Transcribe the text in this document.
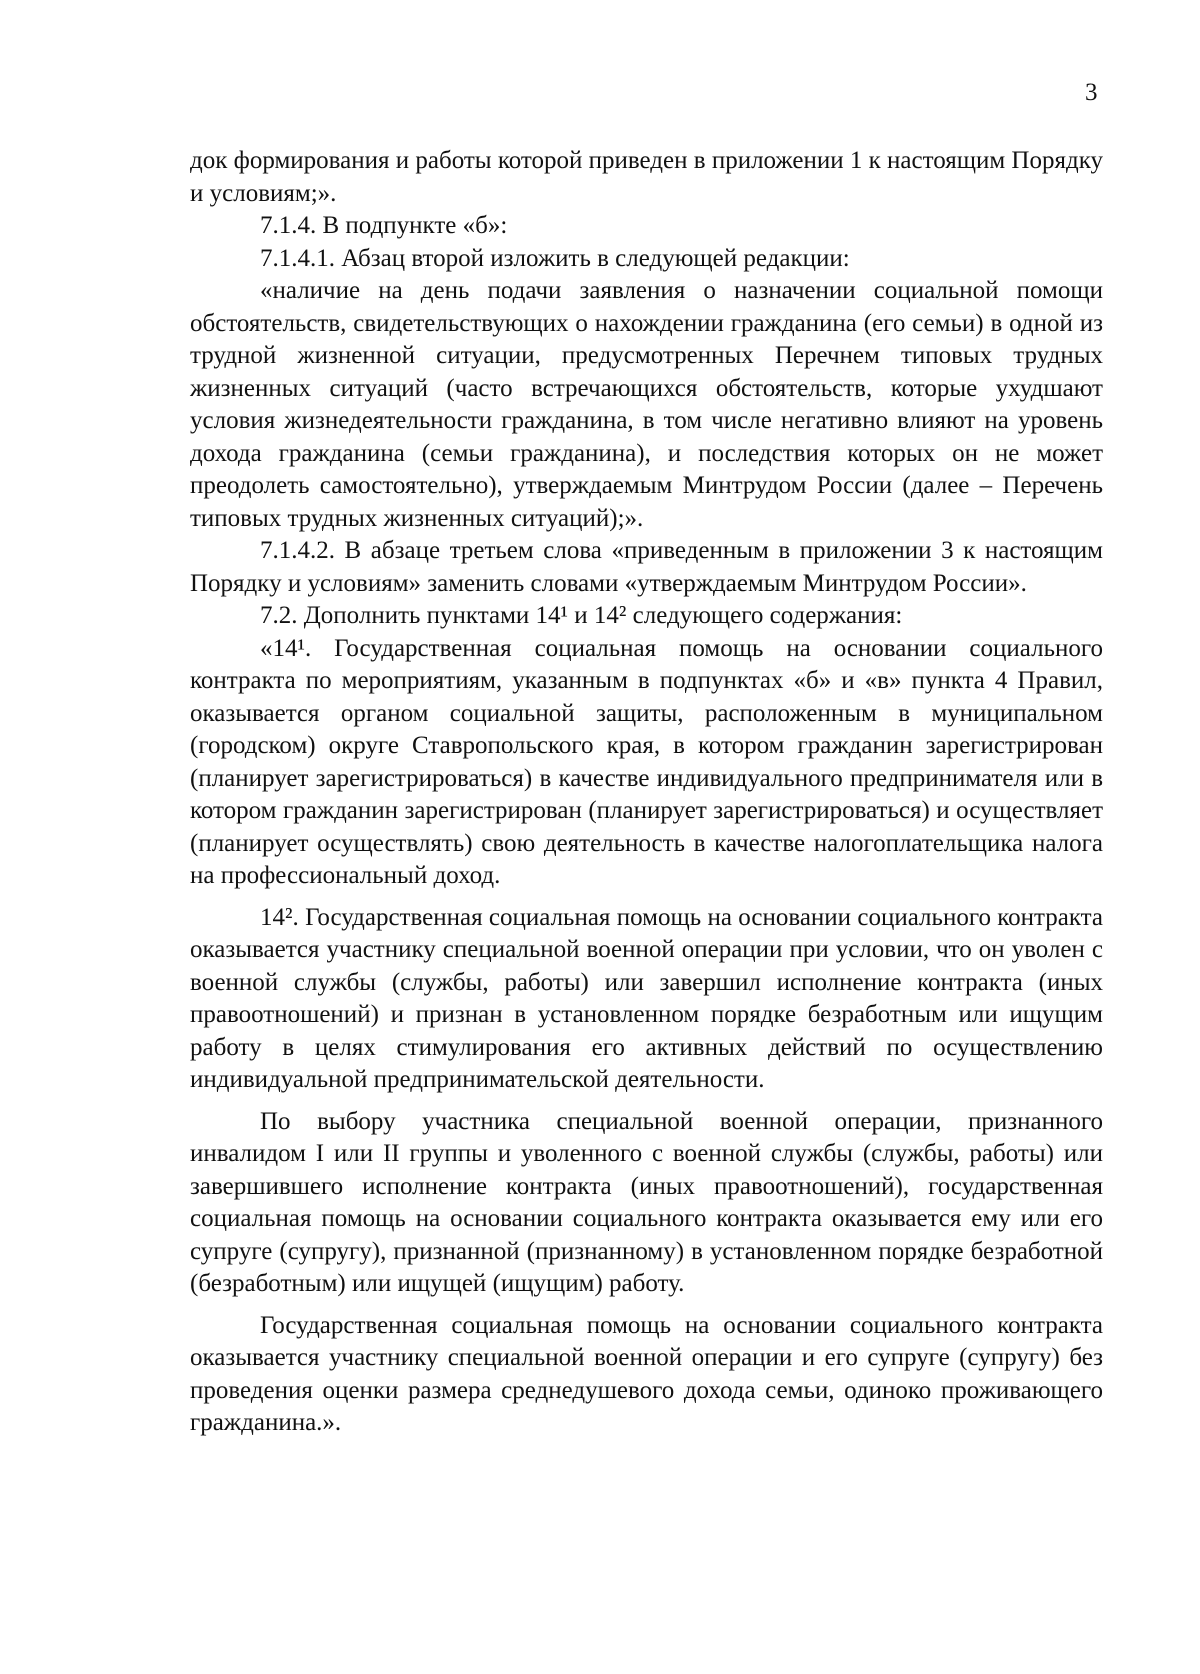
3

док формирования и работы которой приведен в приложении 1 к настоящим Порядку и условиям;».

7.1.4. В подпункте «б»:

7.1.4.1. Абзац второй изложить в следующей редакции:

«наличие на день подачи заявления о назначении социальной помощи обстоятельств, свидетельствующих о нахождении гражданина (его семьи) в одной из трудной жизненной ситуации, предусмотренных Перечнем типовых трудных жизненных ситуаций (часто встречающихся обстоятельств, которые ухудшают условия жизнедеятельности гражданина, в том числе негативно влияют на уровень дохода гражданина (семьи гражданина), и последствия которых он не может преодолеть самостоятельно), утверждаемым Минтрудом России (далее – Перечень типовых трудных жизненных ситуаций);».

7.1.4.2. В абзаце третьем слова «приведенным в приложении 3 к настоящим Порядку и условиям» заменить словами «утверждаемым Минтрудом России».

7.2. Дополнить пунктами 14¹ и 14² следующего содержания:

«14¹. Государственная социальная помощь на основании социального контракта по мероприятиям, указанным в подпунктах «б» и «в» пункта 4 Правил, оказывается органом социальной защиты, расположенным в муниципальном (городском) округе Ставропольского края, в котором гражданин зарегистрирован (планирует зарегистрироваться) в качестве индивидуального предпринимателя или в котором гражданин зарегистрирован (планирует зарегистрироваться) и осуществляет (планирует осуществлять) свою деятельность в качестве налогоплательщика налога на профессиональный доход.

14². Государственная социальная помощь на основании социального контракта оказывается участнику специальной военной операции при условии, что он уволен с военной службы (службы, работы) или завершил исполнение контракта (иных правоотношений) и признан в установленном порядке безработным или ищущим работу в целях стимулирования его активных действий по осуществлению индивидуальной предпринимательской деятельности.

По выбору участника специальной военной операции, признанного инвалидом I или II группы и уволенного с военной службы (службы, работы) или завершившего исполнение контракта (иных правоотношений), государственная социальная помощь на основании социального контракта оказывается ему или его супруге (супругу), признанной (признанному) в установленном порядке безработной (безработным) или ищущей (ищущим) работу.

Государственная социальная помощь на основании социального контракта оказывается участнику специальной военной операции и его супруге (супругу) без проведения оценки размера среднедушевого дохода семьи, одиноко проживающего гражданина.».
